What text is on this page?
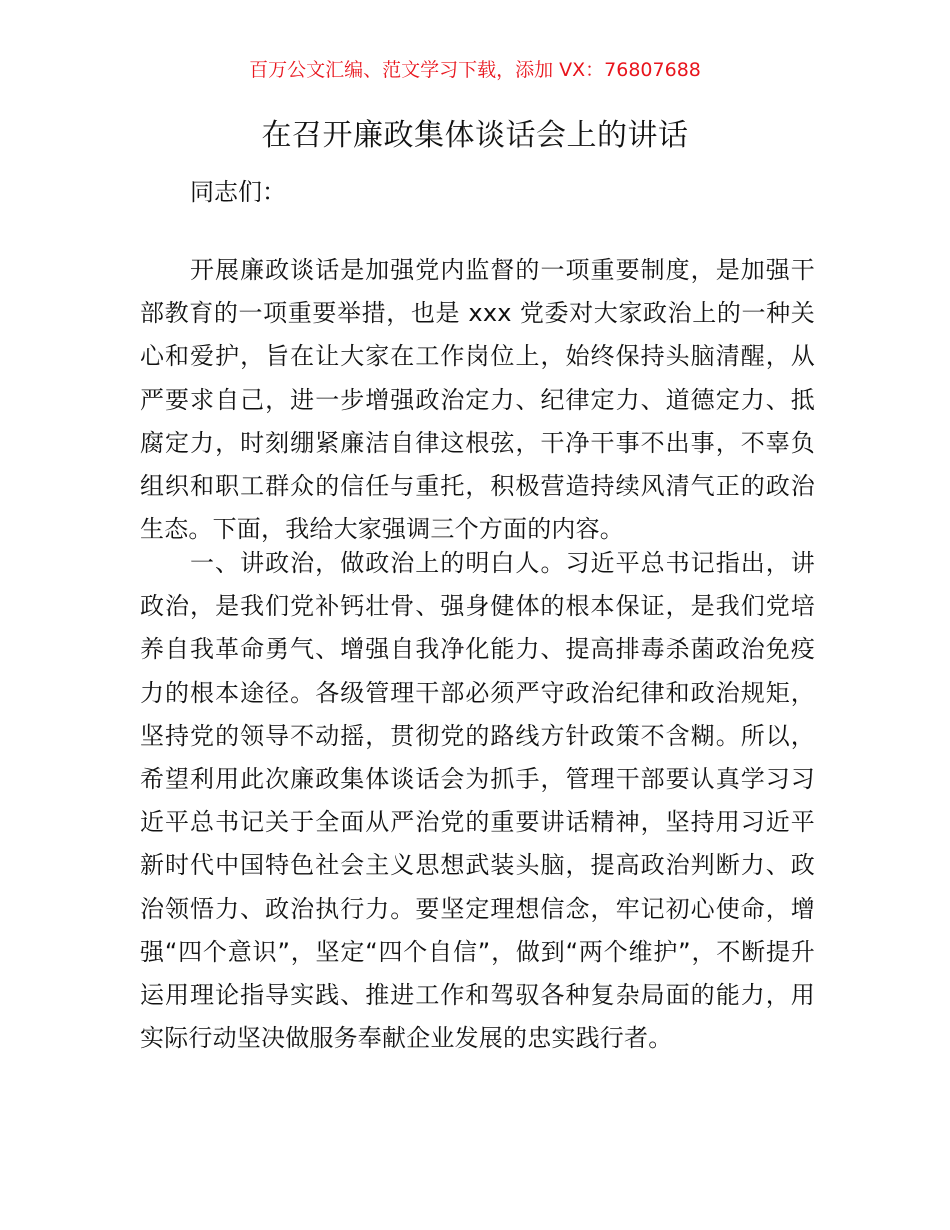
百万公文汇编、范文学习下载，添加 VX：76807688
在召开廉政集体谈话会上的讲话
同志们：

开展廉政谈话是加强党内监督的一项重要制度，是加强干部教育的一项重要举措，也是 xxx 党委对大家政治上的一种关心和爱护，旨在让大家在工作岗位上，始终保持头脑清醒，从严要求自己，进一步增强政治定力、纪律定力、道德定力、抵腐定力，时刻绷紧廉洁自律这根弦，干净干事不出事，不辜负组织和职工群众的信任与重托，积极营造持续风清气正的政治生态。下面，我给大家强调三个方面的内容。

一、讲政治，做政治上的明白人。习近平总书记指出，讲政治，是我们党补钙壮骨、强身健体的根本保证，是我们党培养自我革命勇气、增强自我净化能力、提高排毒杀菌政治免疫力的根本途径。各级管理干部必须严守政治纪律和政治规矩，坚持党的领导不动摇，贯彻党的路线方针政策不含糊。所以，希望利用此次廉政集体谈话会为抓手，管理干部要认真学习习近平总书记关于全面从严治党的重要讲话精神，坚持用习近平新时代中国特色社会主义思想武装头脑，提高政治判断力、政治领悟力、政治执行力。要坚定理想信念，牢记初心使命，增强“四个意识”，坚定“四个自信”，做到“两个维护”，不断提升运用理论指导实践、推进工作和驾驭各种复杂局面的能力，用实际行动坚决做服务奉献企业发展的忠实践行者。
